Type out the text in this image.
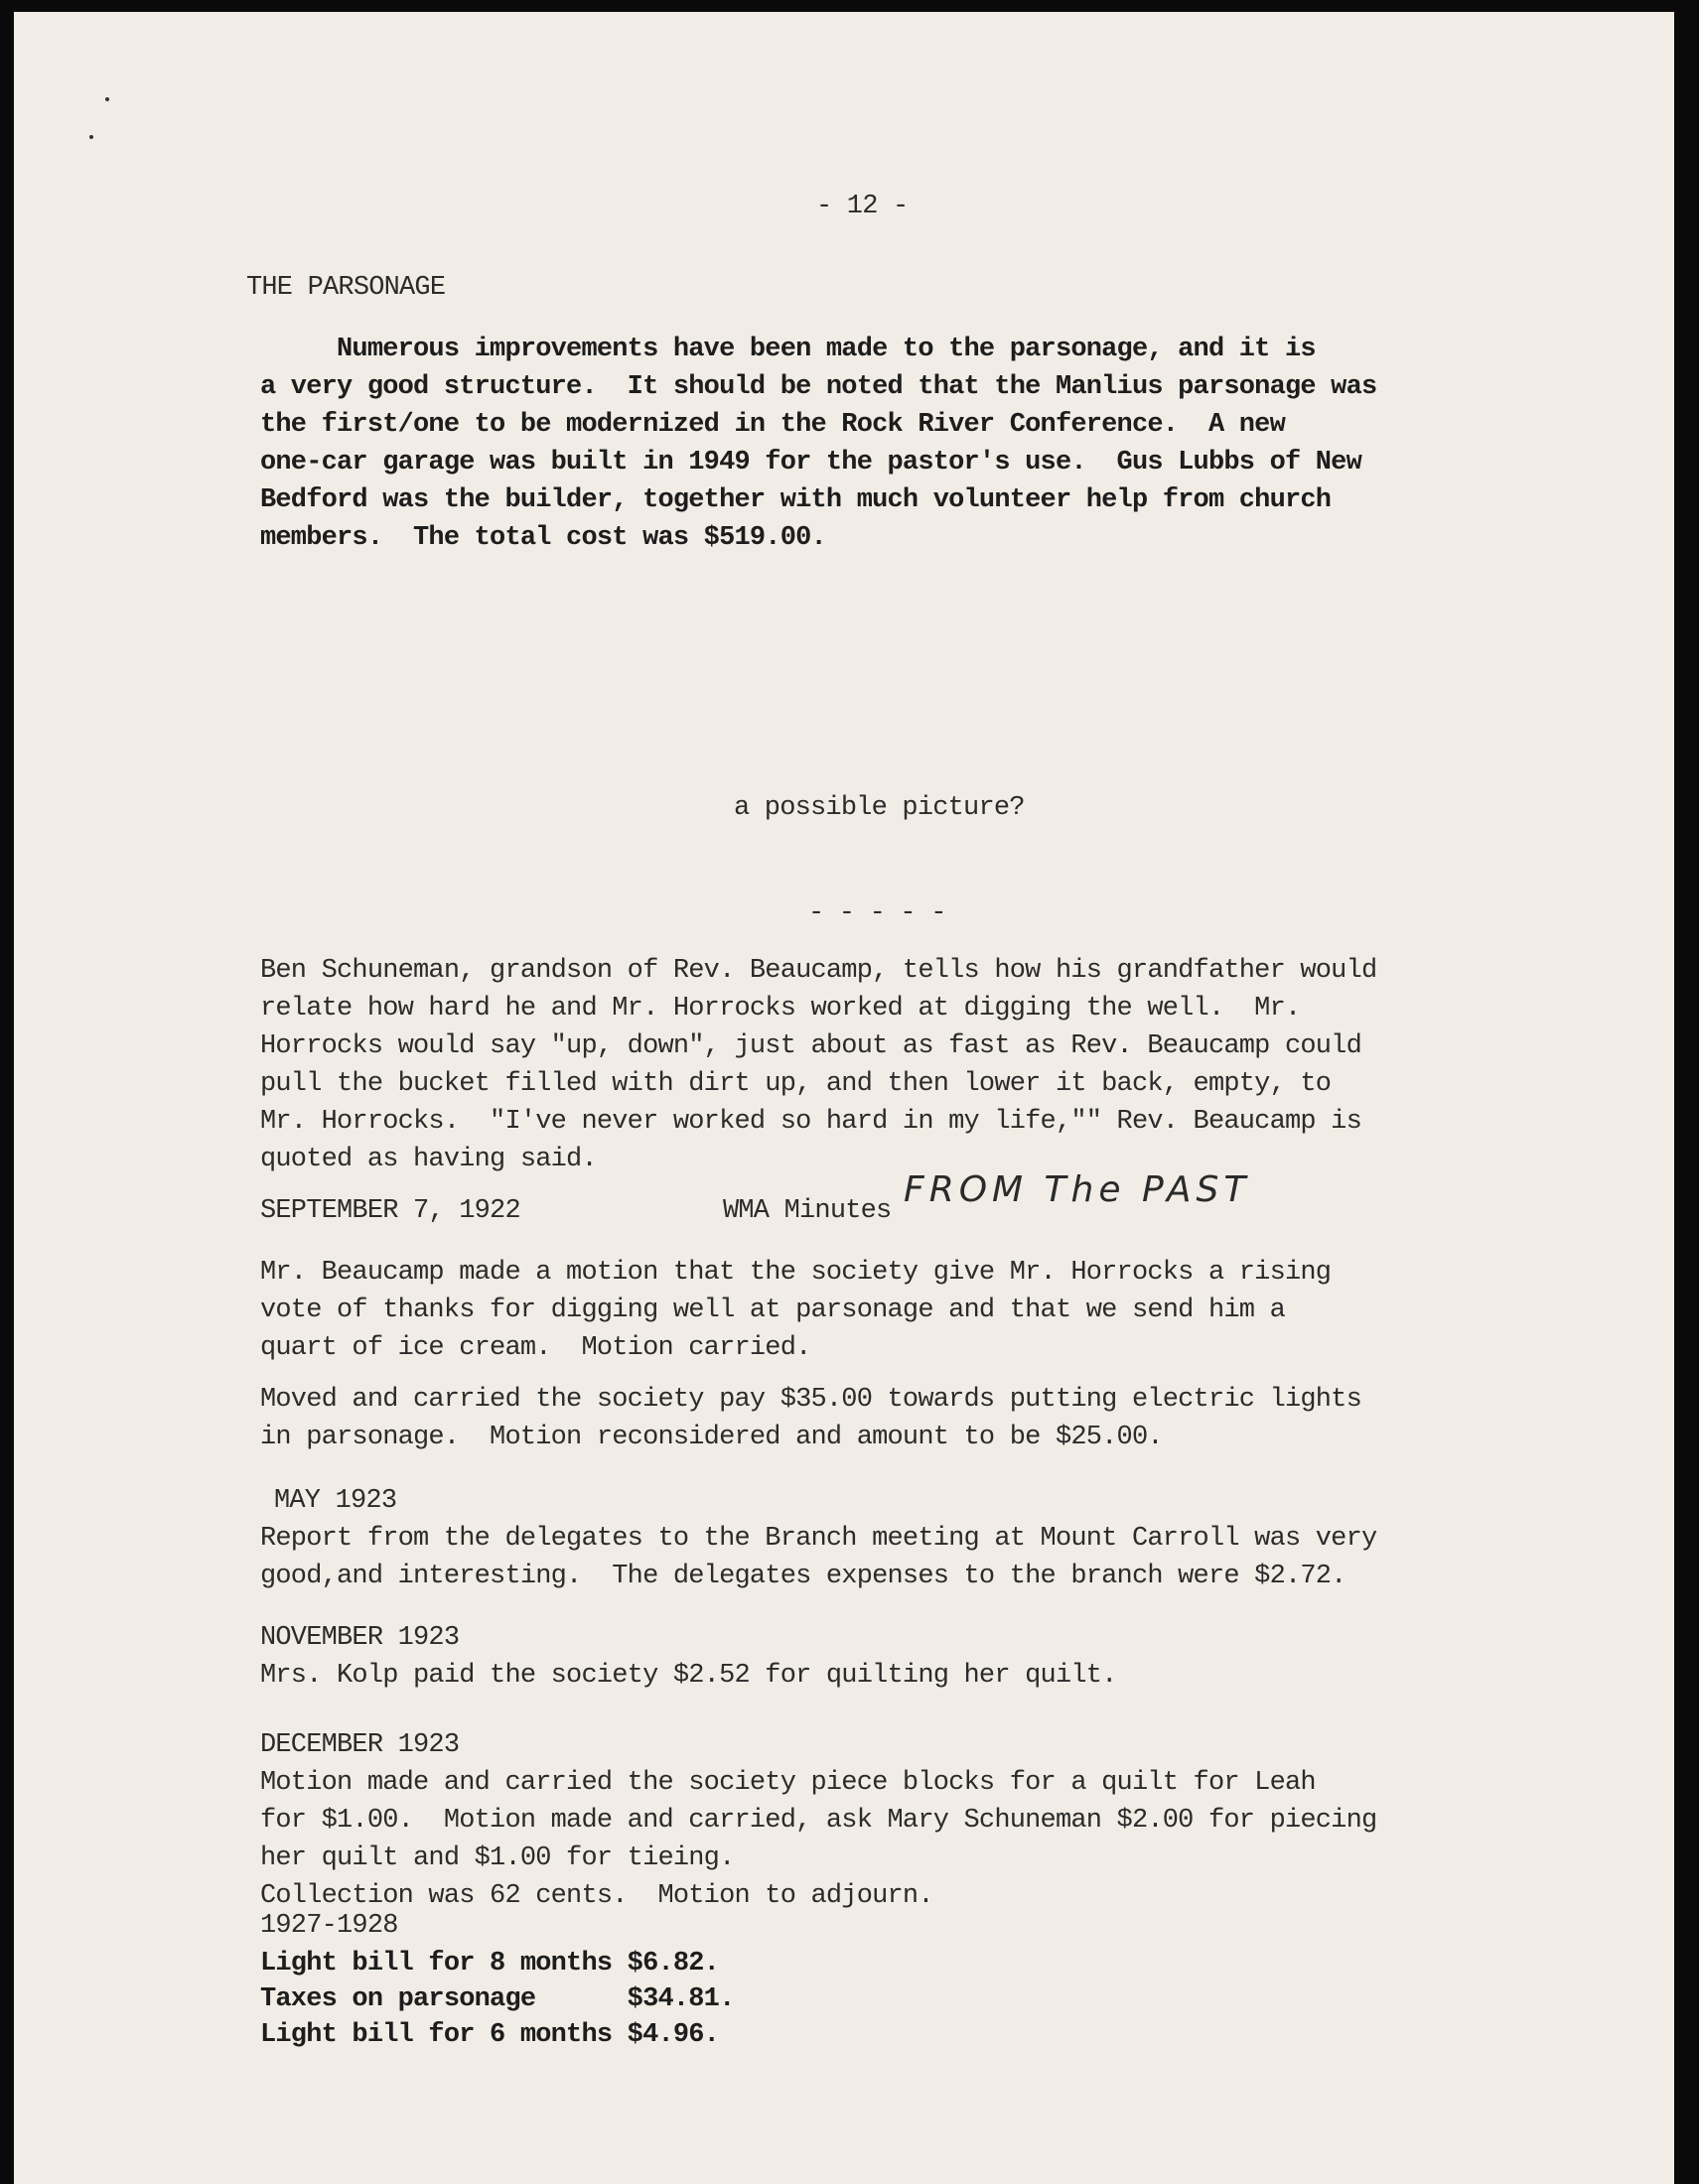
- 12 -
THE PARSONAGE
Numerous improvements have been made to the parsonage, and it is
a very good structure.  It should be noted that the Manlius parsonage was
the first/one to be modernized in the Rock River Conference.  A new
one-car garage was built in 1949 for the pastor's use.  Gus Lubbs of New
Bedford was the builder, together with much volunteer help from church
members.  The total cost was $519.00.
a possible picture?
- - - - -
Ben Schuneman, grandson of Rev. Beaucamp, tells how his grandfather would
relate how hard he and Mr. Horrocks worked at digging the well.  Mr.
Horrocks would say "up, down", just about as fast as Rev. Beaucamp could
pull the bucket filled with dirt up, and then lower it back, empty, to
Mr. Horrocks.  "I've never worked so hard in my life,"" Rev. Beaucamp is
quoted as having said.
SEPTEMBER 7, 1922	WMA Minutes
FROM The PAST
Mr. Beaucamp made a motion that the society give Mr. Horrocks a rising
vote of thanks for digging well at parsonage and that we send him a
quart of ice cream.  Motion carried.
Moved and carried the society pay $35.00 towards putting electric lights
in parsonage.  Motion reconsidered and amount to be $25.00.
MAY 1923
Report from the delegates to the Branch meeting at Mount Carroll was very
good,and interesting.  The delegates expenses to the branch were $2.72.
NOVEMBER 1923
Mrs. Kolp paid the society $2.52 for quilting her quilt.
DECEMBER 1923
Motion made and carried the society piece blocks for a quilt for Leah
for $1.00.  Motion made and carried, ask Mary Schuneman $2.00 for piecing
her quilt and $1.00 for tieing.
Collection was 62 cents.  Motion to adjourn.
1927-1928
Light bill for 8 months $6.82.
Taxes on parsonage      $34.81.
Light bill for 6 months $4.96.
